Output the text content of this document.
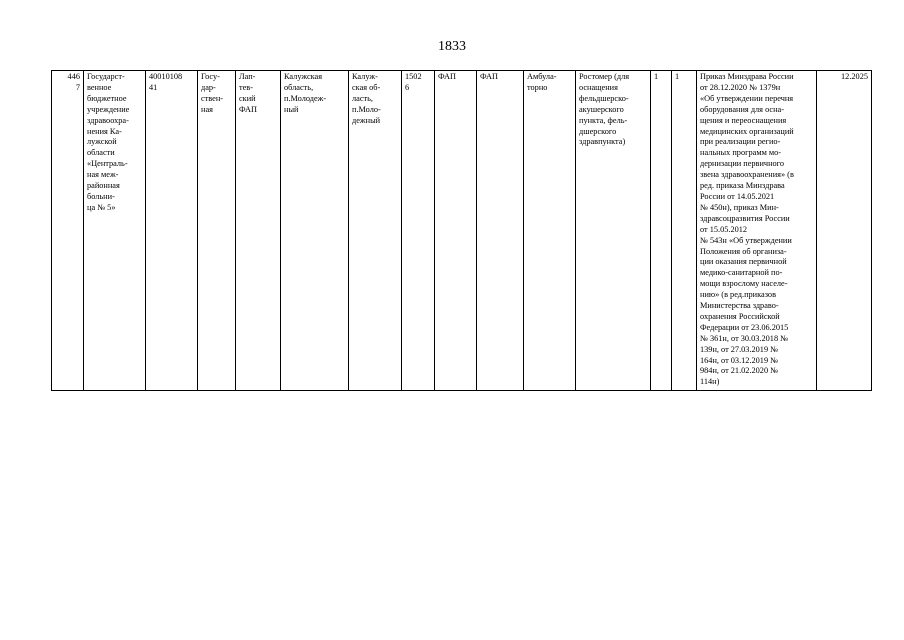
1833
446
7	Государст-
венное
бюджетное
учреждение
здравоохра-
нения Ка-
лужской
области
«Централь-
ная меж-
районная
больни-
ца № 5»	40010108
41	Госу-
дар-
ствен-
ная	Лап-
тев-
ский
ФАП	Калужская
область,
п.Молодеж-
ный	Калуж-
ская об-
ласть,
п.Моло-
дежный	1502
6	ФАП	ФАП	Амбула-
торно	Ростомер (для
оснащения
фельдшерско-
акушерского
пункта, фель-
дшерского
здравпункта)	1	1	Приказ Минздрава России
от 28.12.2020 № 1379н
«Об утверждении перечня
оборудования для осна-
щения и переоснащения
медицинских организаций
при реализации регио-
нальных программ мо-
дернизации первичного
звена здравоохранения» (в
ред. приказа Минздрава
России от 14.05.2021
№ 450н), приказ Мин-
здравсоцразвития России
от 15.05.2012
№ 543н «Об утверждении
Положения об организа-
ции оказания первичной
медико-санитарной по-
мощи взрослому населе-
нию» (в ред.приказов
Министерства здраво-
охранения Российской
Федерации от 23.06.2015
№ 361н, от 30.03.2018 №
139н, от 27.03.2019 №
164н, от 03.12.2019 №
984н, от 21.02.2020 №
114н)	12.2025
